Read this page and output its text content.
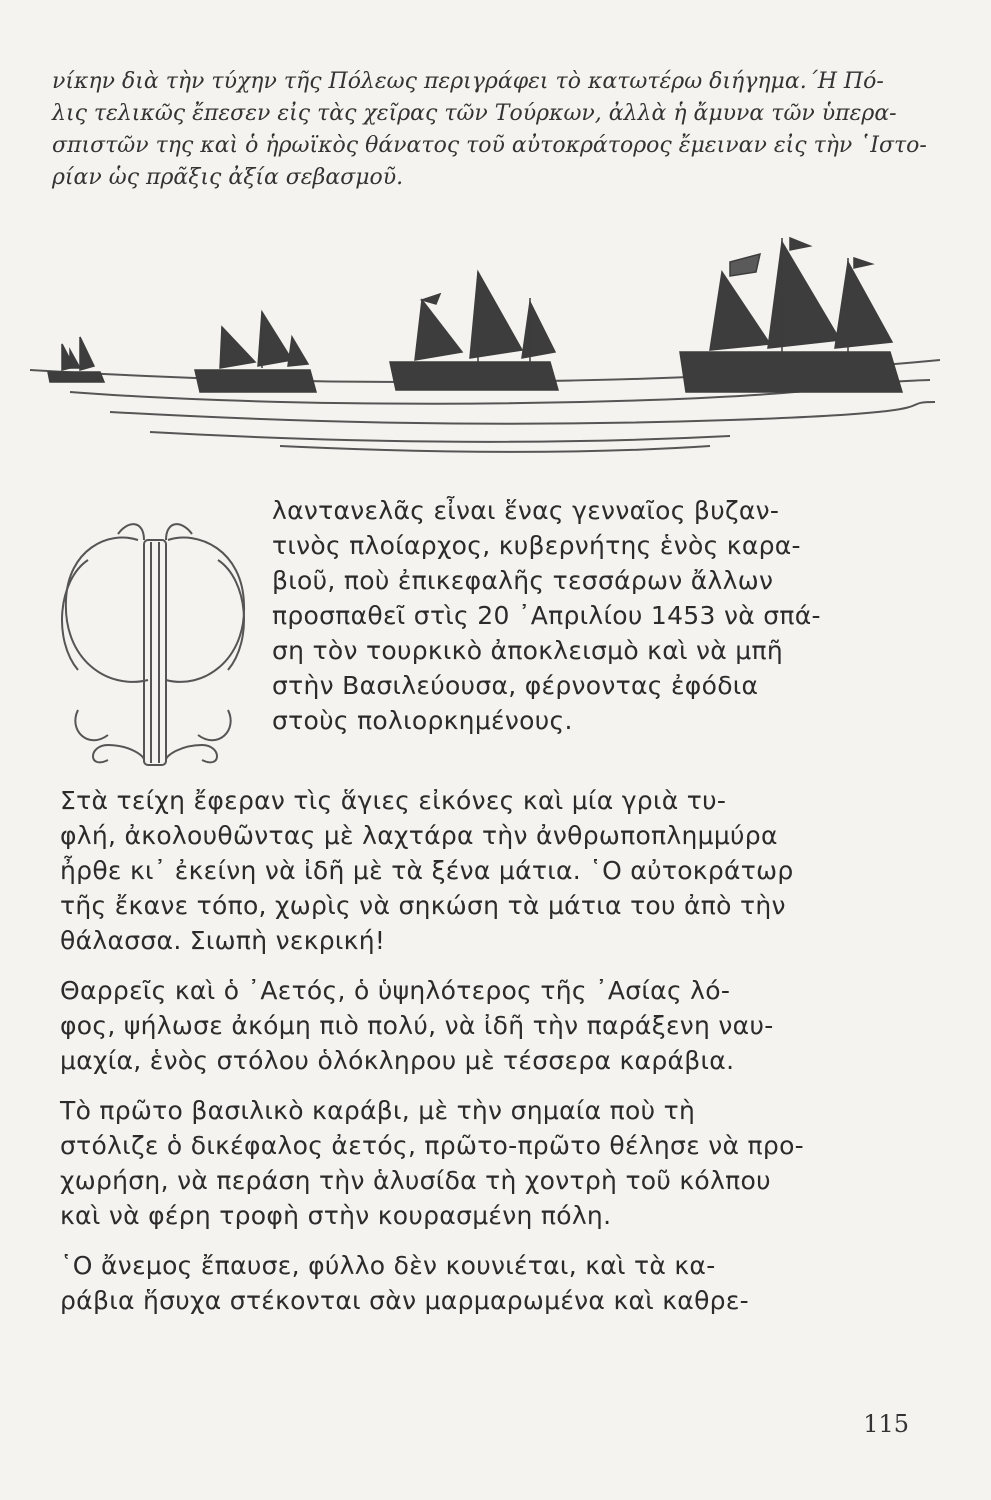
νίκην διὰ τὴν τύχην τῆς Πόλεως περιγράφει τὸ κατωτέρω διήγημα.΄Η Πό-
λις τελικῶς ἔπεσεν εἰς τὰς χεῖρας τῶν Τούρκων, ἀλλὰ ἡ ἄμυνα τῶν ὑπερα-
σπιστῶν της καὶ ὁ ἡρωϊκὸς θάνατος τοῦ αὐτοκράτορος ἔμειναν εἰς τὴν ῾Ιστο-
ρίαν ὡς πρᾶξις ἀξία σεβασμοῦ.
λαντανελᾶς εἶναι ἕνας γενναῖος βυζαν-
τινὸς πλοίαρχος, κυβερνήτης ἑνὸς καρα-
βιοῦ, ποὺ ἐπικεφαλῆς τεσσάρων ἄλλων
προσπαθεῖ στὶς 20 ᾿Απριλίου 1453 νὰ σπά-
ση τὸν τουρκικὸ ἀποκλεισμὸ καὶ νὰ μπῆ
στὴν Βασιλεύουσα, φέρνοντας ἐφόδια
στοὺς πολιορκημένους.
Στὰ τείχη ἔφεραν τὶς ἅγιες εἰκόνες καὶ μία γριὰ τυ-
φλή, ἀκολουθῶντας μὲ λαχτάρα τὴν ἀνθρωποπλημμύρα
ἦρθε κι᾿ ἐκείνη νὰ ἰδῆ μὲ τὰ ξένα μάτια. ῾Ο αὐτοκράτωρ
τῆς ἔκανε τόπο, χωρὶς νὰ σηκώση τὰ μάτια του ἀπὸ τὴν
θάλασσα. Σιωπὴ νεκρική!
Θαρρεῖς καὶ ὁ ᾿Αετός, ὁ ὑψηλότερος τῆς ᾿Ασίας λό-
φος, ψήλωσε ἀκόμη πιὸ πολύ, νὰ ἰδῆ τὴν παράξενη ναυ-
μαχία, ἑνὸς στόλου ὁλόκληρου μὲ τέσσερα καράβια.
Τὸ πρῶτο βασιλικὸ καράβι, μὲ τὴν σημαία ποὺ τὴ
στόλιζε ὁ δικέφαλος ἀετός, πρῶτο-πρῶτο θέλησε νὰ προ-
χωρήση, νὰ περάση τὴν ἁλυσίδα τὴ χοντρὴ τοῦ κόλπου
καὶ νὰ φέρη τροφὴ στὴν κουρασμένη πόλη.
῾Ο ἄνεμος ἔπαυσε, φύλλο δὲν κουνιέται, καὶ τὰ κα-
ράβια ἥσυχα στέκονται σὰν μαρμαρωμένα καὶ καθρε-
115
